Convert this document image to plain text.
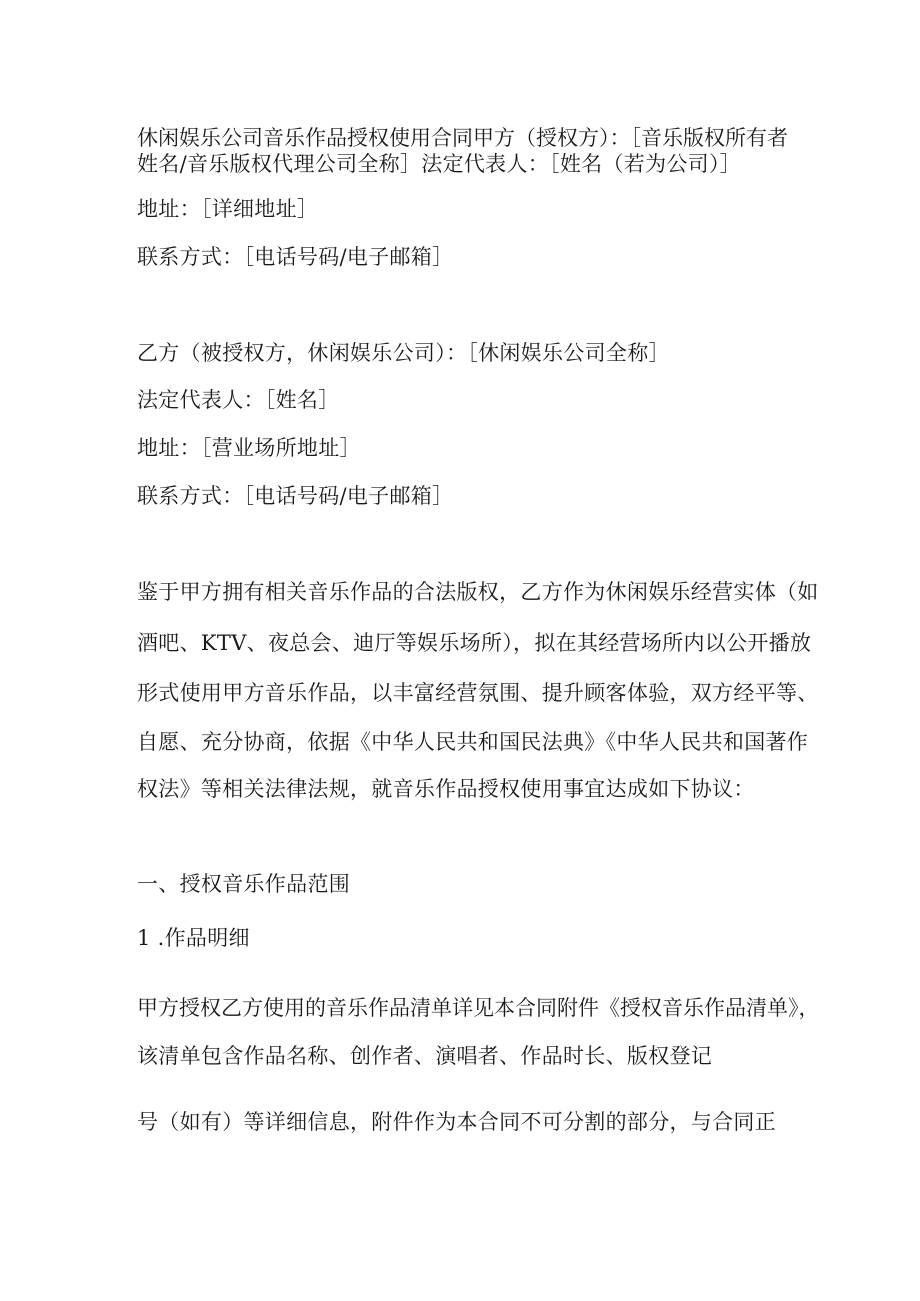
休闲娱乐公司音乐作品授权使用合同甲方（授权方）：［音乐版权所有者
姓名/音乐版权代理公司全称］法定代表人：［姓名（若为公司）］
地址：［详细地址］
联系方式：［电话号码/电子邮箱］
乙方（被授权方，休闲娱乐公司）：［休闲娱乐公司全称］
法定代表人：［姓名］
地址：［营业场所地址］
联系方式：［电话号码/电子邮箱］
鉴于甲方拥有相关音乐作品的合法版权，乙方作为休闲娱乐经营实体（如
酒吧、KTV、夜总会、迪厅等娱乐场所），拟在其经营场所内以公开播放
形式使用甲方音乐作品，以丰富经营氛围、提升顾客体验，双方经平等、
自愿、充分协商，依据《中华人民共和国民法典》《中华人民共和国著作
权法》等相关法律法规，就音乐作品授权使用事宜达成如下协议：
一、授权音乐作品范围
1 .作品明细
甲方授权乙方使用的音乐作品清单详见本合同附件《授权音乐作品清单》，
该清单包含作品名称、创作者、演唱者、作品时长、版权登记
号（如有）等详细信息，附件作为本合同不可分割的部分，与合同正
